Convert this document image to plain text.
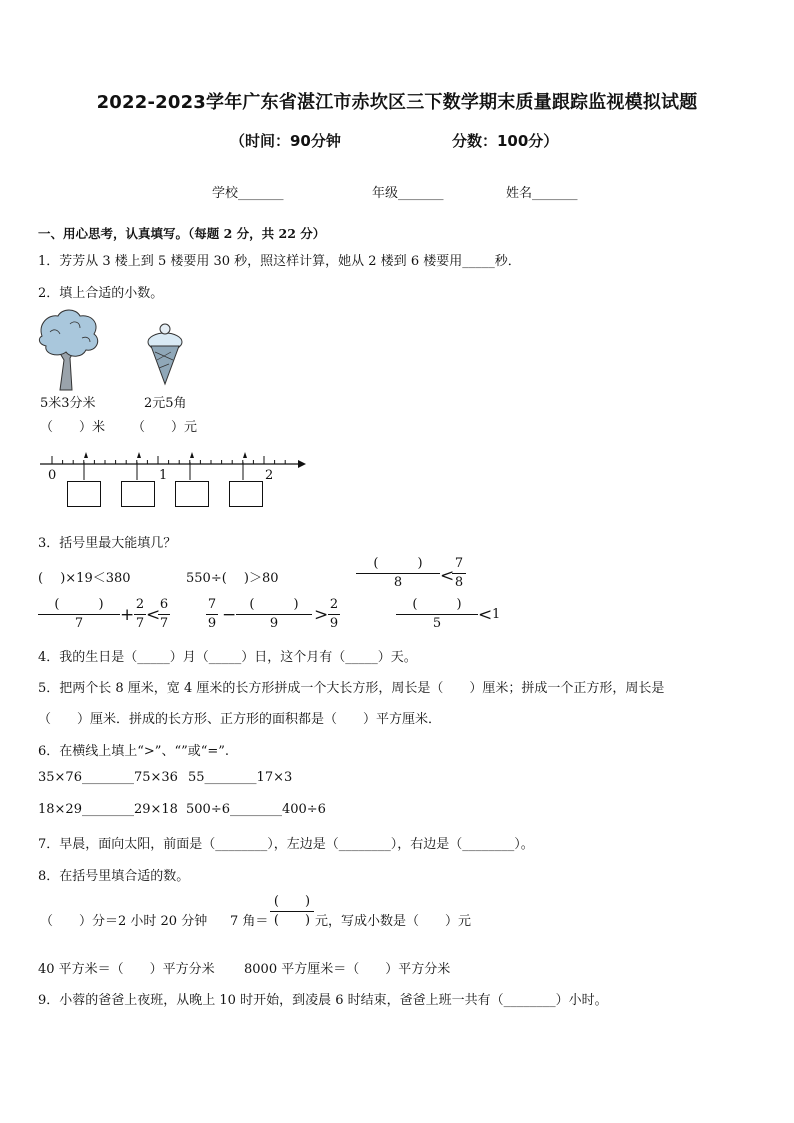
2022-2023学年广东省湛江市赤坎区三下数学期末质量跟踪监视模拟试题
（时间：90分钟	分数：100分）
学校_______	年级_______	姓名_______
一、用心思考，认真填写。（每题 2 分，共 22 分）
1．芳芳从 3 楼上到 5 楼要用 30 秒，照这样计算，她从 2 楼到 6 楼要用_____秒．
2．填上合适的小数。
5米3分米	2元5角
（　　）米 （　　）元
0	1	2
3．括号里最大能填几？
(　 )×19＜380	550÷(　 )＞80
(　　　)
8	<
7
8
(　　　)
7	+
2
7 <
6
7
7
9 −
(　　　)
9	>
2
9
(　　　)
5	< 1
4．我的生日是（_____）月（_____）日，这个月有（_____）天。
5．把两个长 8 厘米，宽 4 厘米的长方形拼成一个大长方形，周长是（　　）厘米；拼成一个正方形，周长是
（　　）厘米．拼成的长方形、正方形的面积都是（　　）平方厘米．
6．在横线上填上“>”、“”或“=”.
35×76________75×36 55________17×3
18×29________29×18 500÷6________400÷6
7．早晨，面向太阳，前面是（________），左边是（________），右边是（________）。
8．在括号里填合适的数。
（　　）分＝2 小时 20 分钟 7 角＝
(　　)
(　　) 元，写成小数是（　　）元
40 平方米＝（　　）平方分米 8000 平方厘米＝（　　）平方分米
9．小蓉的爸爸上夜班，从晚上 10 时开始，到凌晨 6 时结束，爸爸上班一共有（________）小时。
